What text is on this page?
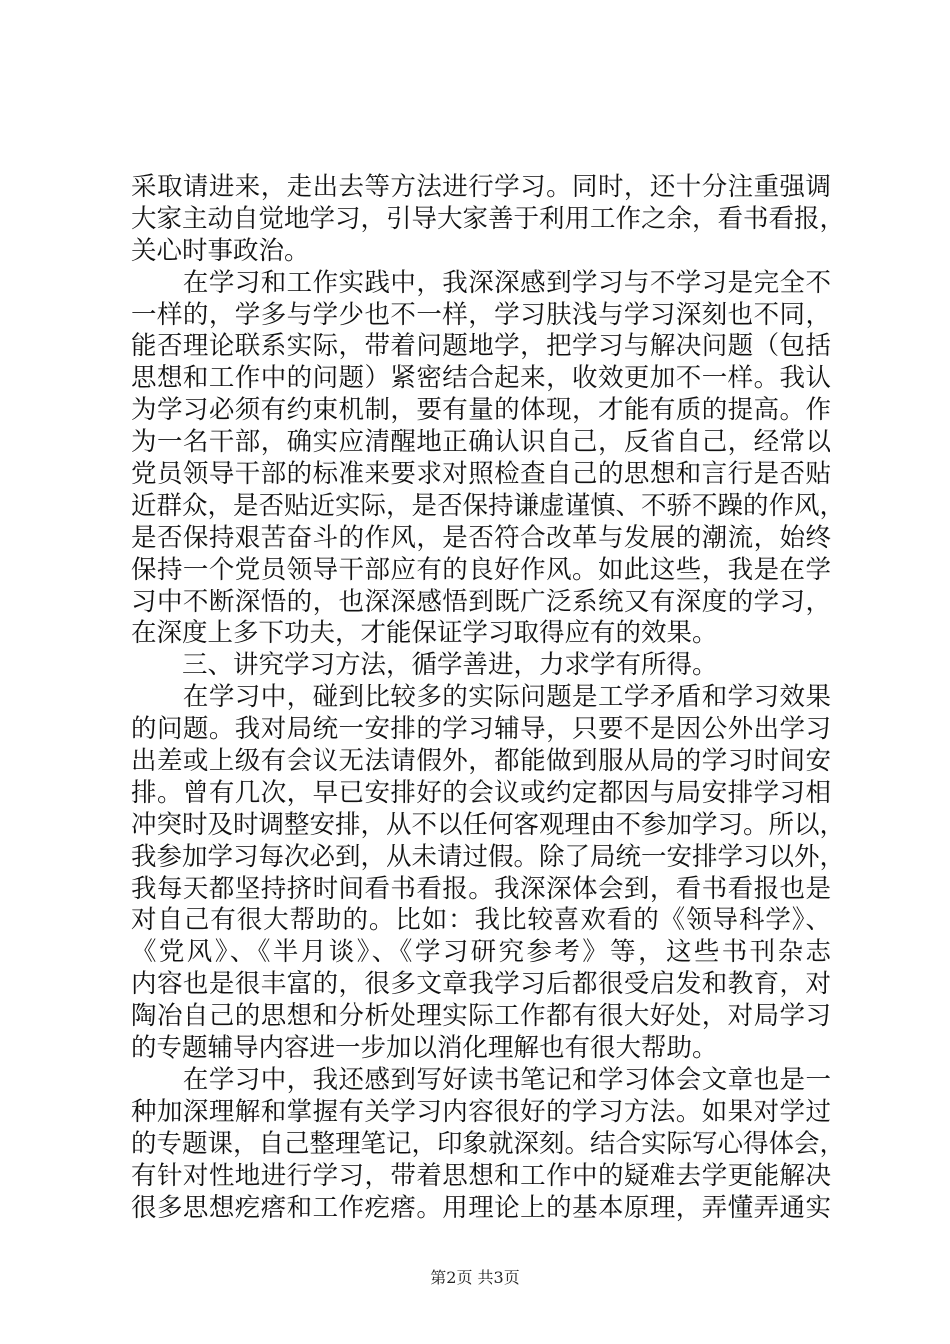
采取请进来，走出去等方法进行学习。同时，还十分注重强调
大家主动自觉地学习，引导大家善于利用工作之余，看书看报，
关心时事政治。
　　在学习和工作实践中，我深深感到学习与不学习是完全不
一样的，学多与学少也不一样，学习肤浅与学习深刻也不同，
能否理论联系实际，带着问题地学，把学习与解决问题（包括
思想和工作中的问题）紧密结合起来，收效更加不一样。我认
为学习必须有约束机制，要有量的体现，才能有质的提高。作
为一名干部，确实应清醒地正确认识自己，反省自己，经常以
党员领导干部的标准来要求对照检查自己的思想和言行是否贴
近群众，是否贴近实际，是否保持谦虚谨慎、不骄不躁的作风，
是否保持艰苦奋斗的作风，是否符合改革与发展的潮流，始终
保持一个党员领导干部应有的良好作风。如此这些，我是在学
习中不断深悟的，也深深感悟到既广泛系统又有深度的学习，
在深度上多下功夫，才能保证学习取得应有的效果。
　　三、讲究学习方法，循学善进，力求学有所得。
　　在学习中，碰到比较多的实际问题是工学矛盾和学习效果
的问题。我对局统一安排的学习辅导，只要不是因公外出学习
出差或上级有会议无法请假外，都能做到服从局的学习时间安
排。曾有几次，早已安排好的会议或约定都因与局安排学习相
冲突时及时调整安排，从不以任何客观理由不参加学习。所以，
我参加学习每次必到，从未请过假。除了局统一安排学习以外，
我每天都坚持挤时间看书看报。我深深体会到，看书看报也是
对自己有很大帮助的。比如：我比较喜欢看的《领导科学》、
《党风》、《半月谈》、《学习研究参考》等，这些书刊杂志
内容也是很丰富的，很多文章我学习后都很受启发和教育，对
陶冶自己的思想和分析处理实际工作都有很大好处，对局学习
的专题辅导内容进一步加以消化理解也有很大帮助。
　　在学习中，我还感到写好读书笔记和学习体会文章也是一
种加深理解和掌握有关学习内容很好的学习方法。如果对学过
的专题课，自己整理笔记，印象就深刻。结合实际写心得体会，
有针对性地进行学习，带着思想和工作中的疑难去学更能解决
很多思想疙瘩和工作疙瘩。用理论上的基本原理，弄懂弄通实
第2页 共3页
